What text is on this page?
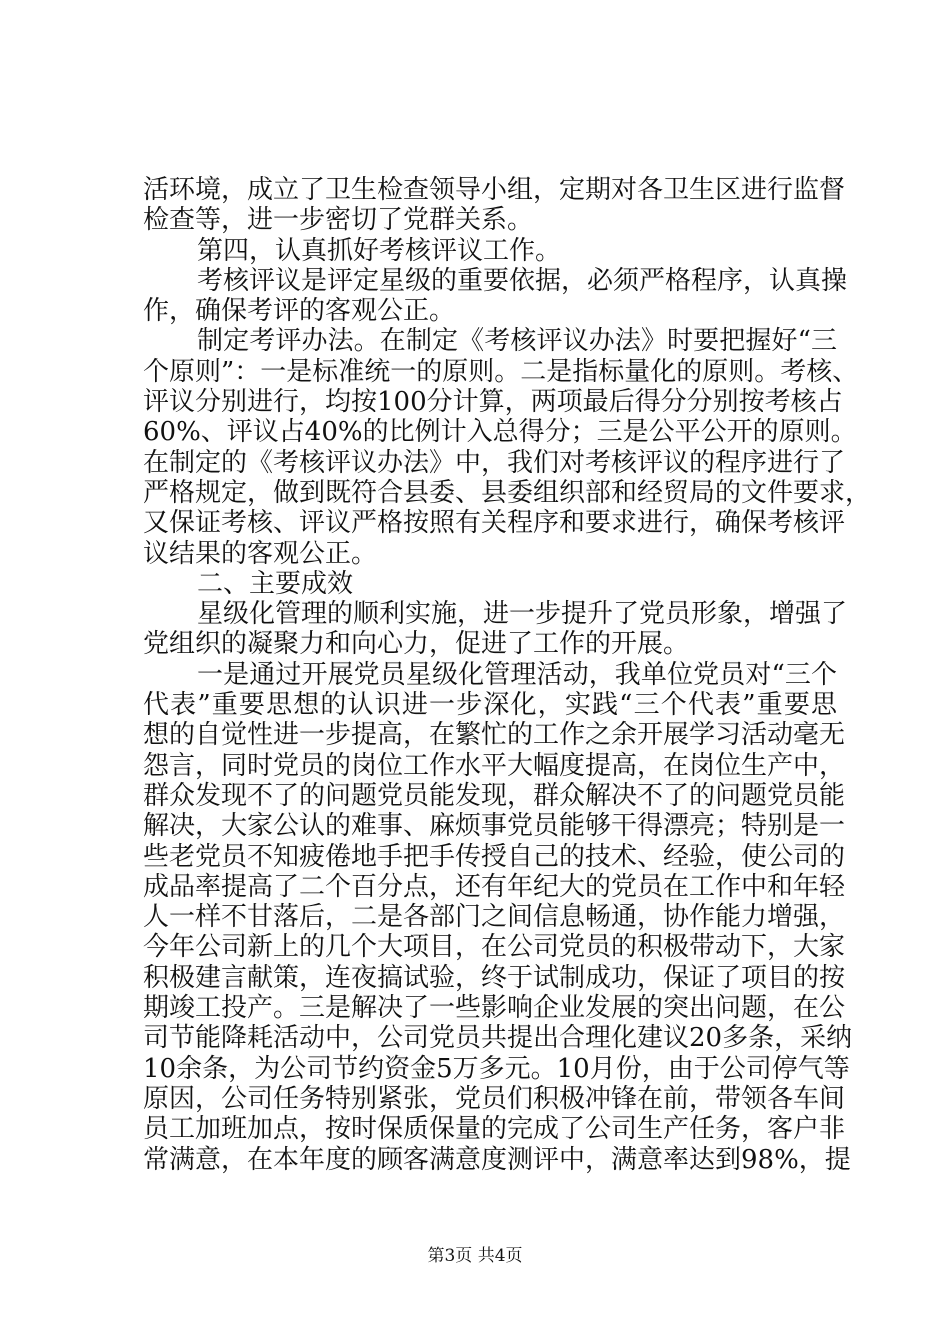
活环境，成立了卫生检查领导小组，定期对各卫生区进行监督
检查等，进一步密切了党群关系。
第四，认真抓好考核评议工作。
考核评议是评定星级的重要依据，必须严格程序，认真操
作，确保考评的客观公正。
制定考评办法。在制定《考核评议办法》时要把握好“三
个原则”：一是标准统一的原则。二是指标量化的原则。考核、
评议分别进行，均按100分计算，两项最后得分分别按考核占
60%、评议占40%的比例计入总得分；三是公平公开的原则。
在制定的《考核评议办法》中，我们对考核评议的程序进行了
严格规定，做到既符合县委、县委组织部和经贸局的文件要求，
又保证考核、评议严格按照有关程序和要求进行，确保考核评
议结果的客观公正。
二、主要成效
星级化管理的顺利实施，进一步提升了党员形象，增强了
党组织的凝聚力和向心力，促进了工作的开展。
一是通过开展党员星级化管理活动，我单位党员对“三个
代表”重要思想的认识进一步深化，实践“三个代表”重要思
想的自觉性进一步提高，在繁忙的工作之余开展学习活动毫无
怨言，同时党员的岗位工作水平大幅度提高，在岗位生产中，
群众发现不了的问题党员能发现，群众解决不了的问题党员能
解决，大家公认的难事、麻烦事党员能够干得漂亮；特别是一
些老党员不知疲倦地手把手传授自己的技术、经验，使公司的
成品率提高了二个百分点，还有年纪大的党员在工作中和年轻
人一样不甘落后，二是各部门之间信息畅通，协作能力增强，
今年公司新上的几个大项目，在公司党员的积极带动下，大家
积极建言献策，连夜搞试验，终于试制成功，保证了项目的按
期竣工投产。三是解决了一些影响企业发展的突出问题，在公
司节能降耗活动中，公司党员共提出合理化建议20多条，采纳
10余条，为公司节约资金5万多元。10月份，由于公司停气等
原因，公司任务特别紧张，党员们积极冲锋在前，带领各车间
员工加班加点，按时保质保量的完成了公司生产任务，客户非
常满意，在本年度的顾客满意度测评中，满意率达到98%，提
第3页 共4页
